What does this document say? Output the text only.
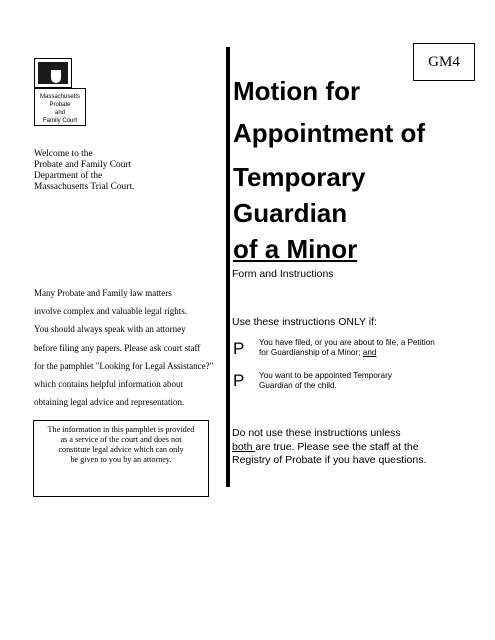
Massachusetts
Probate
and
Family Court
Welcome to the
Probate and Family Court
Department of the
Massachusetts Trial Court.
Many Probate and Family law matters
involve complex and valuable legal rights.
You should always speak with an attorney
before filing any papers. Please ask court staff
for the pamphlet "Looking for Legal Assistance?"
which contains helpful information about
obtaining legal advice and representation.
The information in this pamphlet is provided
as a service of the court and does not
constitute legal advice which can only
be given to you by an attorney.
GM4
Motion for
Appointment of
Temporary
Guardian
of a Minor
Form and Instructions
Use these instructions ONLY if:
P You have filed, or you are about to file, a Petition
for Guardianship of a Minor; and
P You want to be appointed Temporary
Guardian of the child.
Do not use these instructions unless
both are true. Please see the staff at the
Registry of Probate if you have questions.
